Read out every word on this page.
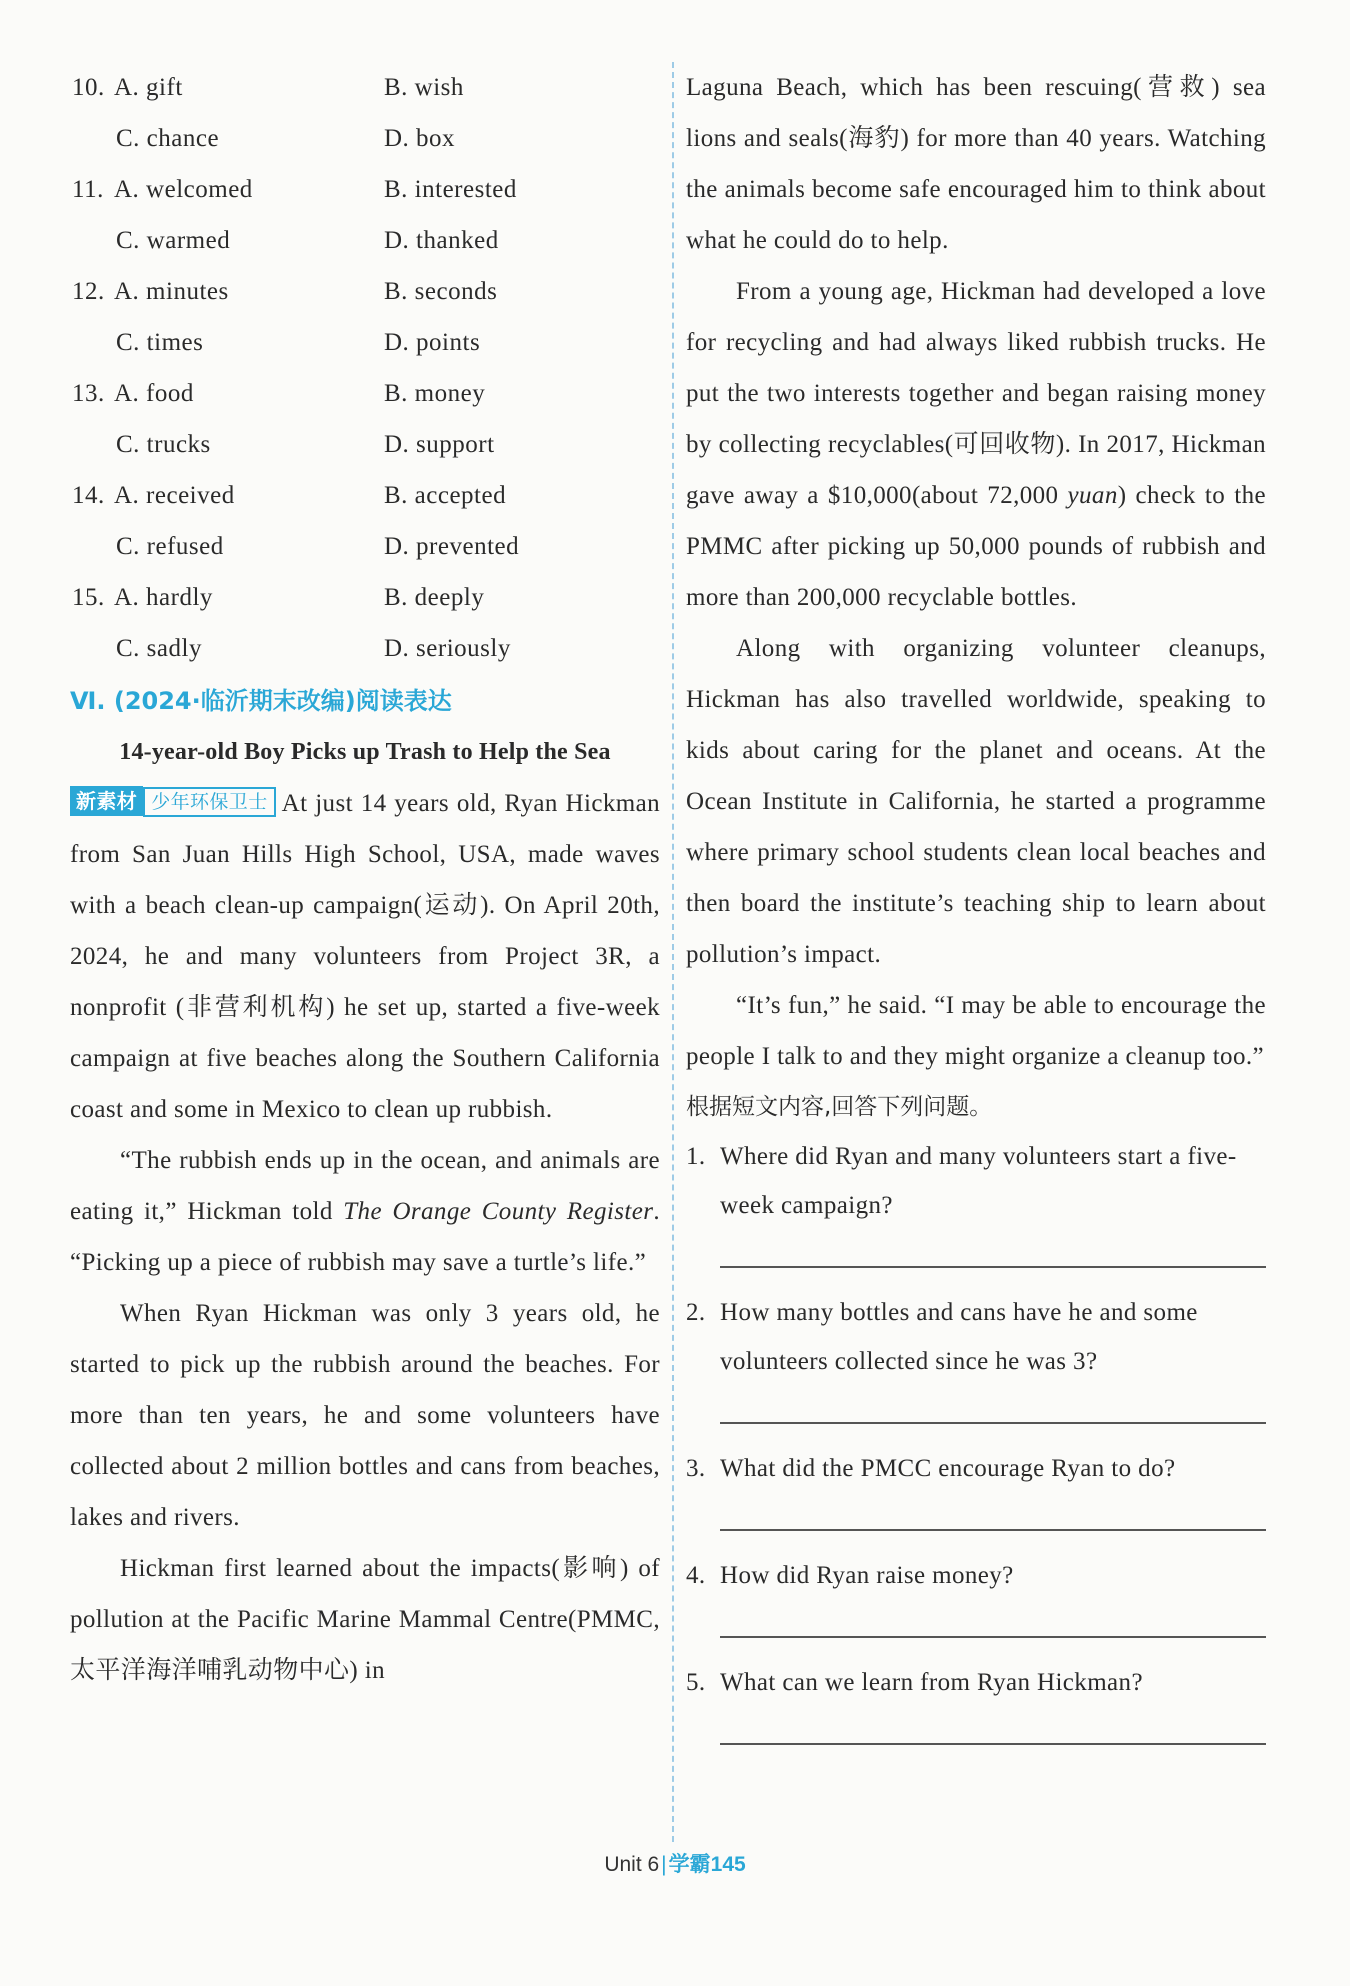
10. A. gift	B. wish
C. chance	D. box
11. A. welcomed	B. interested
C. warmed	D. thanked
12. A. minutes	B. seconds
C. times	D. points
13. A. food	B. money
C. trucks	D. support
14. A. received	B. accepted
C. refused	D. prevented
15. A. hardly	B. deeply
C. sadly	D. seriously
Ⅵ. (2024·临沂期末改编)阅读表达
14-year-old Boy Picks up Trash to Help the Sea

新素材 少年环保卫士 At just 14 years old, Ryan Hickman from San Juan Hills High School, USA, made waves with a beach clean-up campaign(运动). On April 20th, 2024, he and many volunteers from Project 3R, a nonprofit (非营利机构) he set up, started a five-week campaign at five beaches along the Southern California coast and some in Mexico to clean up rubbish.

“The rubbish ends up in the ocean, and animals are eating it,” Hickman told The Orange County Register. “Picking up a piece of rubbish may save a turtle’s life.”

When Ryan Hickman was only 3 years old, he started to pick up the rubbish around the beaches. For more than ten years, he and some volunteers have collected about 2 million bottles and cans from beaches, lakes and rivers.

Hickman first learned about the impacts(影响) of pollution at the Pacific Marine Mammal Centre(PMMC, 太平洋海洋哺乳动物中心) in

Laguna Beach, which has been rescuing(营救) sea lions and seals(海豹) for more than 40 years. Watching the animals become safe encouraged him to think about what he could do to help.

From a young age, Hickman had developed a love for recycling and had always liked rubbish trucks. He put the two interests together and began raising money by collecting recyclables(可回收物). In 2017, Hickman gave away a $10,000(about 72,000 yuan) check to the PMMC after picking up 50,000 pounds of rubbish and more than 200,000 recyclable bottles.

Along with organizing volunteer cleanups, Hickman has also travelled worldwide, speaking to kids about caring for the planet and oceans. At the Ocean Institute in California, he started a programme where primary school students clean local beaches and then board the institute’s teaching ship to learn about pollution’s impact.

“It’s fun,” he said. “I may be able to encourage the people I talk to and they might organize a cleanup too.”

根据短文内容,回答下列问题。
1. Where did Ryan and many volunteers start a five-week campaign?
2. How many bottles and cans have he and some volunteers collected since he was 3?
3. What did the PMCC encourage Ryan to do?
4. How did Ryan raise money?
5. What can we learn from Ryan Hickman?
Unit 6|学霸145
